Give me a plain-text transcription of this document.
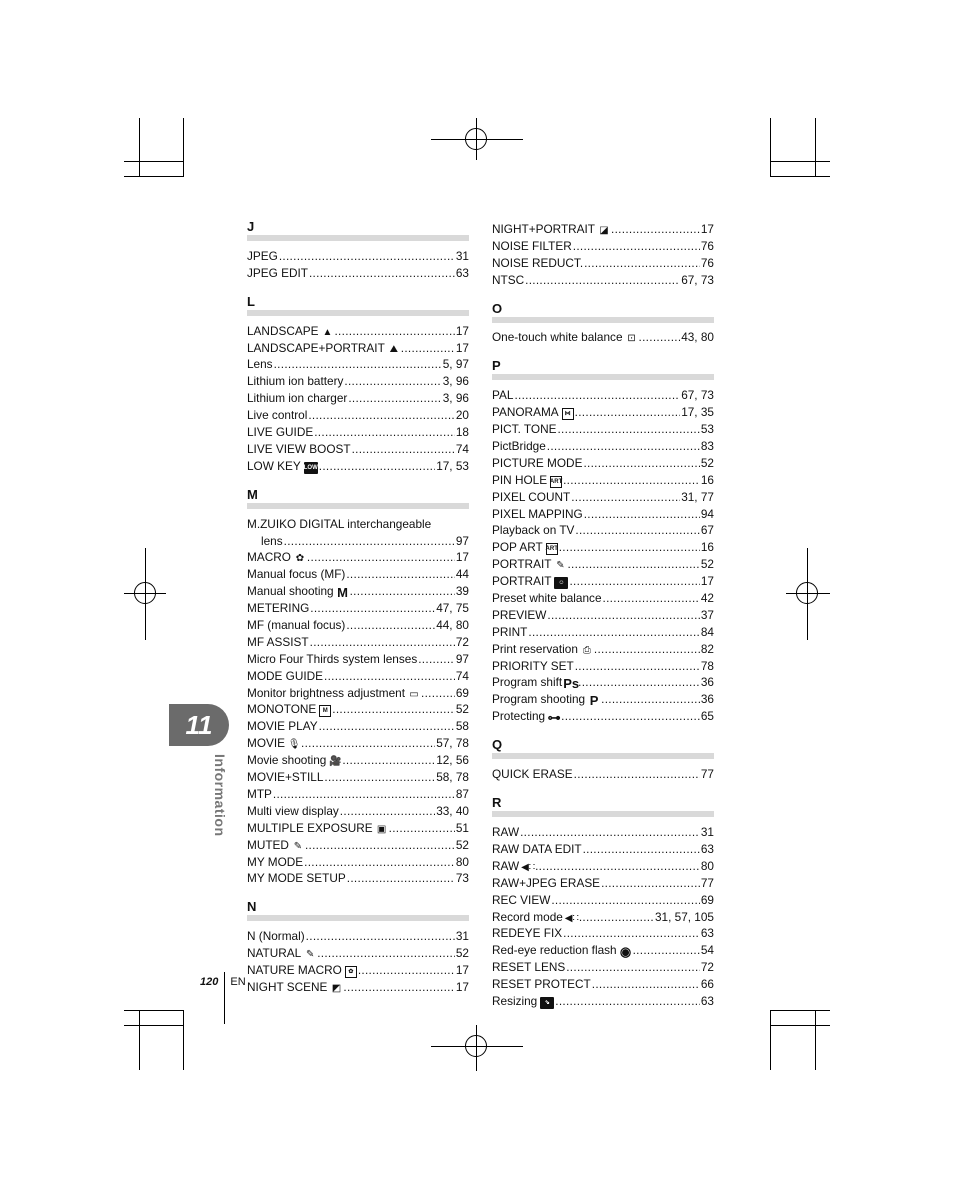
11
Information
J
JPEG .....	31
JPEG EDIT .....	63
L
LANDSCAPE ▲ .....	17
LANDSCAPE+PORTRAIT ⛰ .....	17
Lens .....	5, 97
Lithium ion battery .....	3, 96
Lithium ion charger .....	3, 96
Live control .....	20
LIVE GUIDE .....	18
LIVE VIEW BOOST .....	74
LOW KEY LOW .....	17, 53
M
M.ZUIKO DIGITAL interchangeable
lens .....	97
MACRO ✿ .....	17
Manual focus (MF) .....	44
Manual shooting M .....	39
METERING .....	47, 75
MF (manual focus) .....	44, 80
MF ASSIST .....	72
Micro Four Thirds system lenses .....	97
MODE GUIDE .....	74
Monitor brightness adjustment ▭ .....	69
MONOTONE	M .....	52
MOVIE PLAY .....	58
MOVIE 🎙 .....	57, 78
Movie shooting 🎥 .....	12, 56
MOVIE+STILL .....	58, 78
MTP .....	87
Multi view display .....	33, 40
MULTIPLE EXPOSURE ▣ .....	51
MUTED ✎ .....	52
MY MODE .....	80
MY MODE SETUP .....	73
N
N (Normal) .....	31
NATURAL ✎ .....	52
NATURE MACRO	✿ .....	17
NIGHT SCENE ◩ .....	17
NIGHT+PORTRAIT ◪ .....	17
NOISE FILTER .....	76
NOISE REDUCT. .....	76
NTSC .....	67, 73
O
One-touch white balance ⊡ .....	43, 80
P
PAL .....	67, 73
PANORAMA	⋈ .....	17, 35
PICT. TONE .....	53
PictBridge .....	83
PICTURE MODE .....	52
PIN HOLE ART .....	16
PIXEL COUNT .....	31, 77
PIXEL MAPPING .....	94
Playback on TV .....	67
POP ART ART .....	16
PORTRAIT ✎ .....	52
PORTRAIT	☺ .....	17
Preset white balance .....	42
PREVIEW .....	37
PRINT .....	84
Print reservation ⎙ .....	82
PRIORITY SET .....	78
Program shift Ps .....	36
Program shooting P .....	36
Protecting ⊶ .....	65
Q
QUICK ERASE .....	77
R
RAW .....	31
RAW DATA EDIT .....	63
RAW ◀∷ .....	80
RAW+JPEG ERASE .....	77
REC VIEW .....	69
Record mode ◀∷ .....	31, 57, 105
REDEYE FIX .....	63
Red-eye reduction flash ◉ .....	54
RESET LENS .....	72
RESET PROTECT .....	66
Resizing	⇘ .....	63
120	EN
